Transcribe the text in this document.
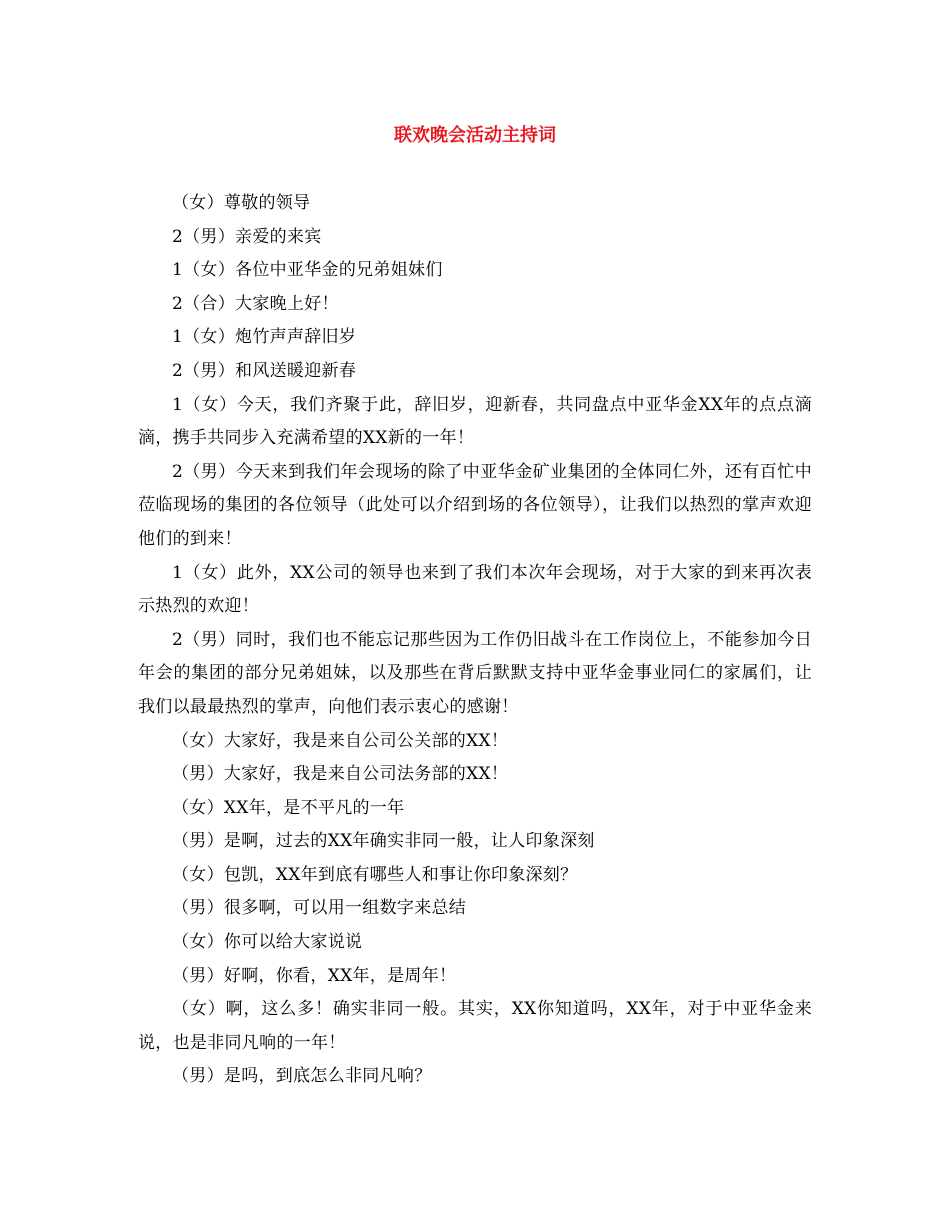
联欢晚会活动主持词

（女）尊敬的领导

2（男）亲爱的来宾

1（女）各位中亚华金的兄弟姐妹们

2（合）大家晚上好！

1（女）炮竹声声辞旧岁

2（男）和风送暖迎新春

1（女）今天，我们齐聚于此，辞旧岁，迎新春，共同盘点中亚华金XX年的点点滴滴，携手共同步入充满希望的XX新的一年！

2（男）今天来到我们年会现场的除了中亚华金矿业集团的全体同仁外，还有百忙中莅临现场的集团的各位领导（此处可以介绍到场的各位领导），让我们以热烈的掌声欢迎他们的到来！

1（女）此外，XX公司的领导也来到了我们本次年会现场，对于大家的到来再次表示热烈的欢迎！

2（男）同时，我们也不能忘记那些因为工作仍旧战斗在工作岗位上，不能参加今日年会的集团的部分兄弟姐妹，以及那些在背后默默支持中亚华金事业同仁的家属们，让我们以最最热烈的掌声，向他们表示衷心的感谢！

（女）大家好，我是来自公司公关部的XX！

（男）大家好，我是来自公司法务部的XX！

（女）XX年，是不平凡的一年

（男）是啊，过去的XX年确实非同一般，让人印象深刻

（女）包凯，XX年到底有哪些人和事让你印象深刻？

（男）很多啊，可以用一组数字来总结

（女）你可以给大家说说

（男）好啊，你看，XX年，是周年！

（女）啊，这么多！确实非同一般。其实，XX你知道吗，XX年，对于中亚华金来说，也是非同凡响的一年！

（男）是吗，到底怎么非同凡响？
